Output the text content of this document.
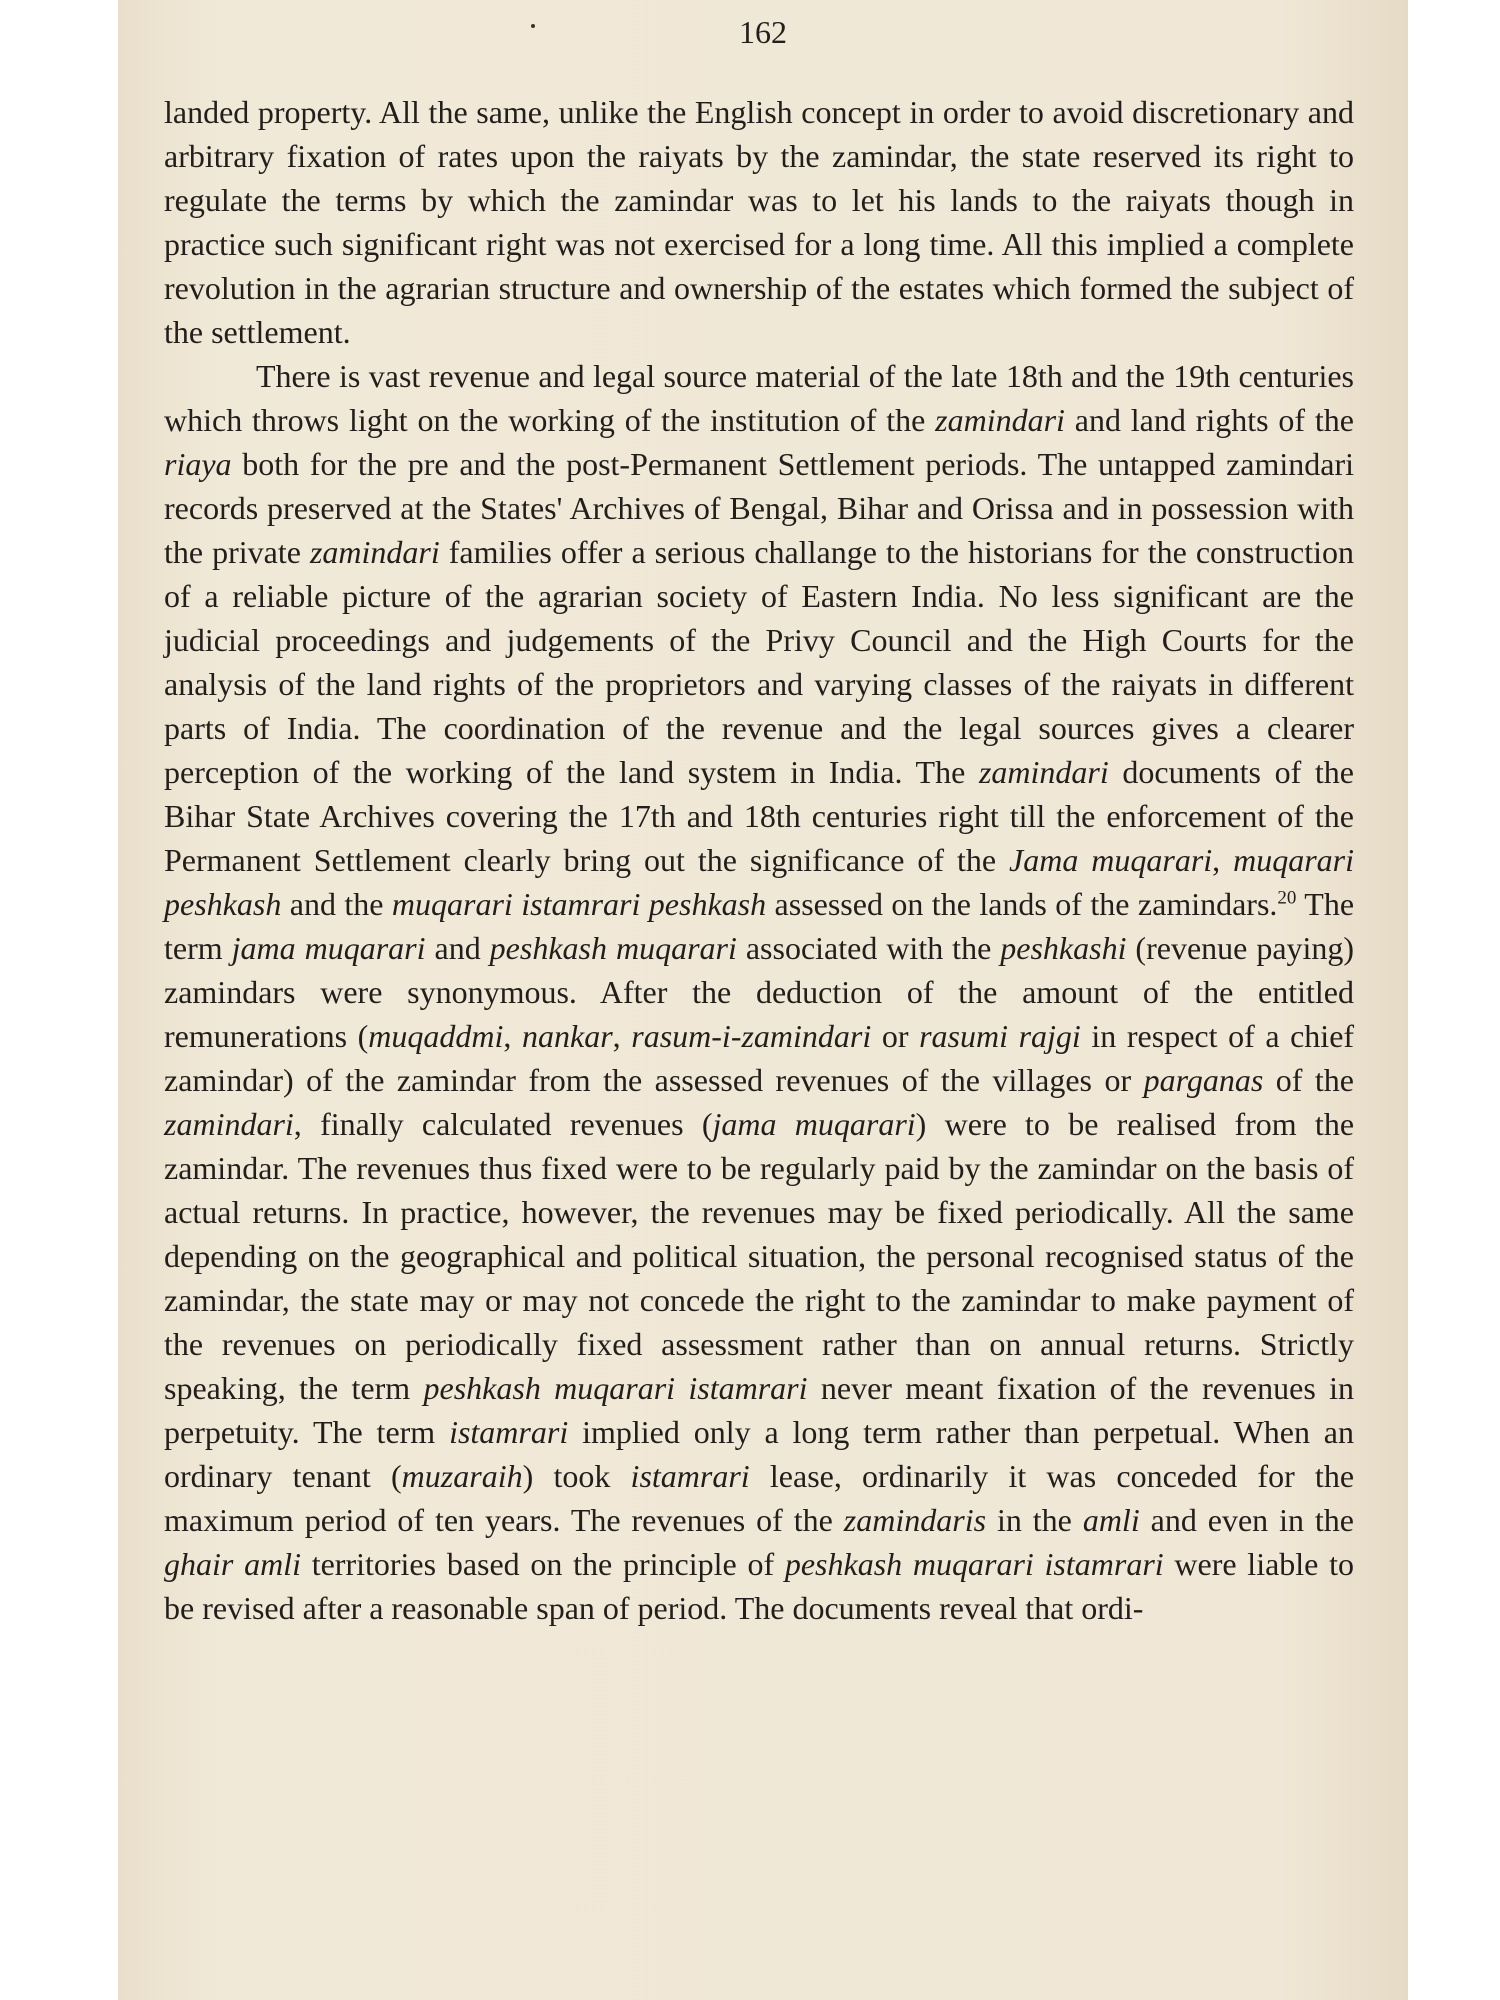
162

landed property. All the same, unlike the English concept in order to avoid discretionary and arbitrary fixation of rates upon the raiyats by the zamindar, the state reserved its right to regulate the terms by which the zamindar was to let his lands to the raiyats though in practice such significant right was not exercised for a long time. All this implied a complete revolution in the agrarian structure and ownership of the estates which formed the subject of the settlement.

There is vast revenue and legal source material of the late 18th and the 19th centuries which throws light on the working of the institution of the zamindari and land rights of the riaya both for the pre and the post-Permanent Settlement periods. The untapped zamindari records preserved at the States' Archives of Bengal, Bihar and Orissa and in possession with the private zamindari families offer a serious challange to the historians for the construction of a reliable picture of the agrarian society of Eastern India. No less significant are the judicial proceedings and judgements of the Privy Council and the High Courts for the analysis of the land rights of the proprietors and varying classes of the raiyats in different parts of India. The coordination of the revenue and the legal sources gives a clearer perception of the working of the land system in India. The zamindari documents of the Bihar State Archives covering the 17th and 18th centuries right till the enforcement of the Permanent Settlement clearly bring out the significance of the Jama muqarari, muqarari peshkash and the muqarari istamrari peshkash assessed on the lands of the zamindars.$^{20}$ The term jama muqarari and peshkash muqarari associated with the peshkashi (revenue paying) zamindars were synonymous. After the deduction of the amount of the entitled remunerations (muqaddmi, nankar, rasum-i-zamindari or rasumi rajgi in respect of a chief zamindar) of the zamindar from the assessed revenues of the villages or parganas of the zamindari, finally calculated revenues (jama muqarari) were to be realised from the zamindar. The revenues thus fixed were to be regularly paid by the zamindar on the basis of actual returns. In practice, however, the revenues may be fixed periodically. All the same depending on the geographical and political situation, the personal recognised status of the zamindar, the state may or may not concede the right to the zamindar to make payment of the revenues on periodically fixed assessment rather than on annual returns. Strictly speaking, the term peshkash muqarari istamrari never meant fixation of the revenues in perpetuity. The term istamrari implied only a long term rather than perpetual. When an ordinary tenant (muzaraih) took istamrari lease, ordinarily it was conceded for the maximum period of ten years. The revenues of the zamindaris in the amli and even in the ghair amli territories based on the principle of peshkash muqarari istamrari were liable to be revised after a reasonable span of period. The documents reveal that ordi-
